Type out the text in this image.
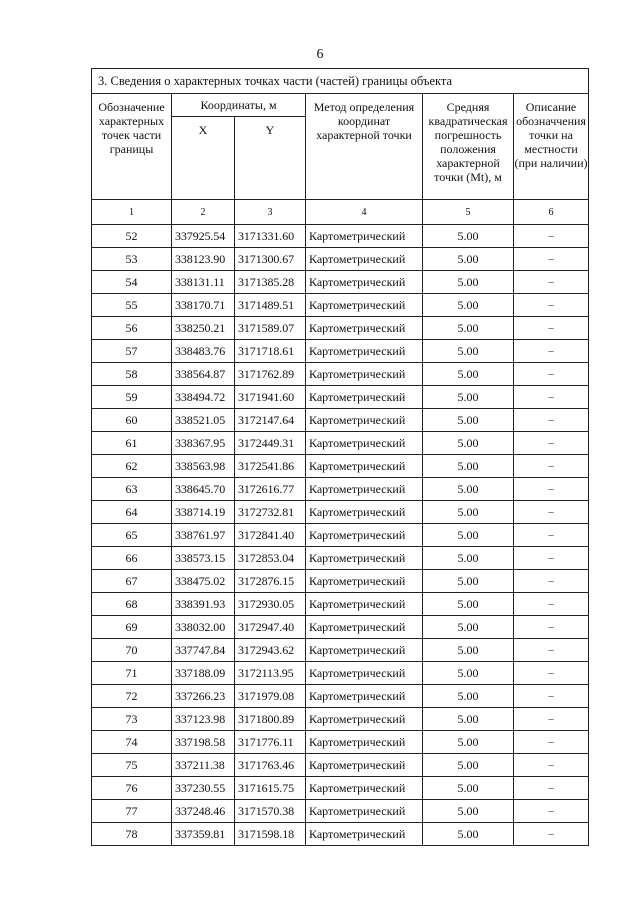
6
3. Сведения о характерных точках части (частей) границы объекта					
Обозначение характерных точек части границы	Координаты, м		Метод определения координат характерной точки	Средняя квадратическая погрешность положения характерной точки (Mt), м	Описание обозначчения точки на местности (при наличии)
	X	Y			
1	2	3	4	5	6
52	337925.54	3171331.60	Картометрический	5.00	–
53	338123.90	3171300.67	Картометрический	5.00	–
54	338131.11	3171385.28	Картометрический	5.00	–
55	338170.71	3171489.51	Картометрический	5.00	–
56	338250.21	3171589.07	Картометрический	5.00	–
57	338483.76	3171718.61	Картометрический	5.00	–
58	338564.87	3171762.89	Картометрический	5.00	–
59	338494.72	3171941.60	Картометрический	5.00	–
60	338521.05	3172147.64	Картометрический	5.00	–
61	338367.95	3172449.31	Картометрический	5.00	–
62	338563.98	3172541.86	Картометрический	5.00	–
63	338645.70	3172616.77	Картометрический	5.00	–
64	338714.19	3172732.81	Картометрический	5.00	–
65	338761.97	3172841.40	Картометрический	5.00	–
66	338573.15	3172853.04	Картометрический	5.00	–
67	338475.02	3172876.15	Картометрический	5.00	–
68	338391.93	3172930.05	Картометрический	5.00	–
69	338032.00	3172947.40	Картометрический	5.00	–
70	337747.84	3172943.62	Картометрический	5.00	–
71	337188.09	3172113.95	Картометрический	5.00	–
72	337266.23	3171979.08	Картометрический	5.00	–
73	337123.98	3171800.89	Картометрический	5.00	–
74	337198.58	3171776.11	Картометрический	5.00	–
75	337211.38	3171763.46	Картометрический	5.00	–
76	337230.55	3171615.75	Картометрический	5.00	–
77	337248.46	3171570.38	Картометрический	5.00	–
78	337359.81	3171598.18	Картометрический	5.00	–
